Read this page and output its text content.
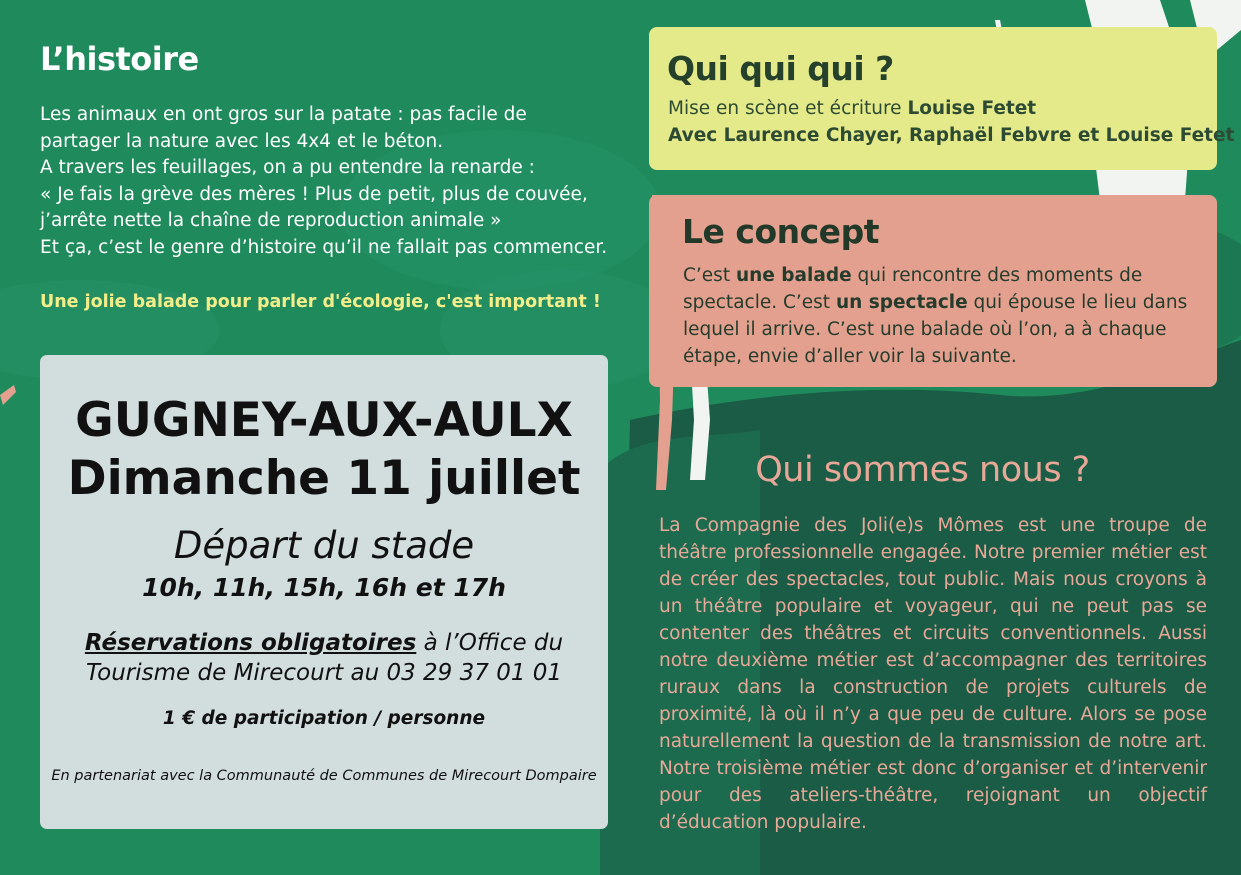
L’histoire

Les animaux en ont gros sur la patate : pas facile de

partager la nature avec les 4x4 et le béton.

A travers les feuillages, on a pu entendre la renarde :

« Je fais la grève des mères ! Plus de petit, plus de couvée,

j’arrête nette la chaîne de reproduction animale »

Et ça, c’est le genre d’histoire qu’il ne fallait pas commencer.

Une jolie balade pour parler d'écologie, c'est important !
GUGNEY-AUX-AULX
Dimanche 11 juillet
Départ du stade
10h, 11h, 15h, 16h et 17h
Réservations obligatoires à l’Office du Tourisme de Mirecourt au 03 29 37 01 01
1 € de participation / personne
En partenariat avec la Communauté de Communes de Mirecourt Dompaire
Qui qui qui ?
Mise en scène et écriture Louise Fetet
Avec Laurence Chayer, Raphaël Febvre et Louise Fetet
Le concept

C’est une balade qui rencontre des moments de spectacle. C’est un spectacle qui épouse le lieu dans lequel il arrive. C’est une balade où l’on, a à chaque étape, envie d’aller voir la suivante.

Qui sommes nous ?

La Compagnie des Joli(e)s Mômes est une troupe de théâtre professionnelle engagée. Notre premier métier est de créer des spectacles, tout public. Mais nous croyons à un théâtre populaire et voyageur, qui ne peut pas se contenter des théâtres et circuits conventionnels. Aussi notre deuxième métier est d’accompagner des territoires ruraux dans la construction de projets culturels de proximité, là où il n’y a que peu de culture. Alors se pose naturellement la question de la transmission de notre art. Notre troisième métier est donc d’organiser et d’intervenir pour des ateliers-théâtre, rejoignant un objectif d’éducation populaire.
